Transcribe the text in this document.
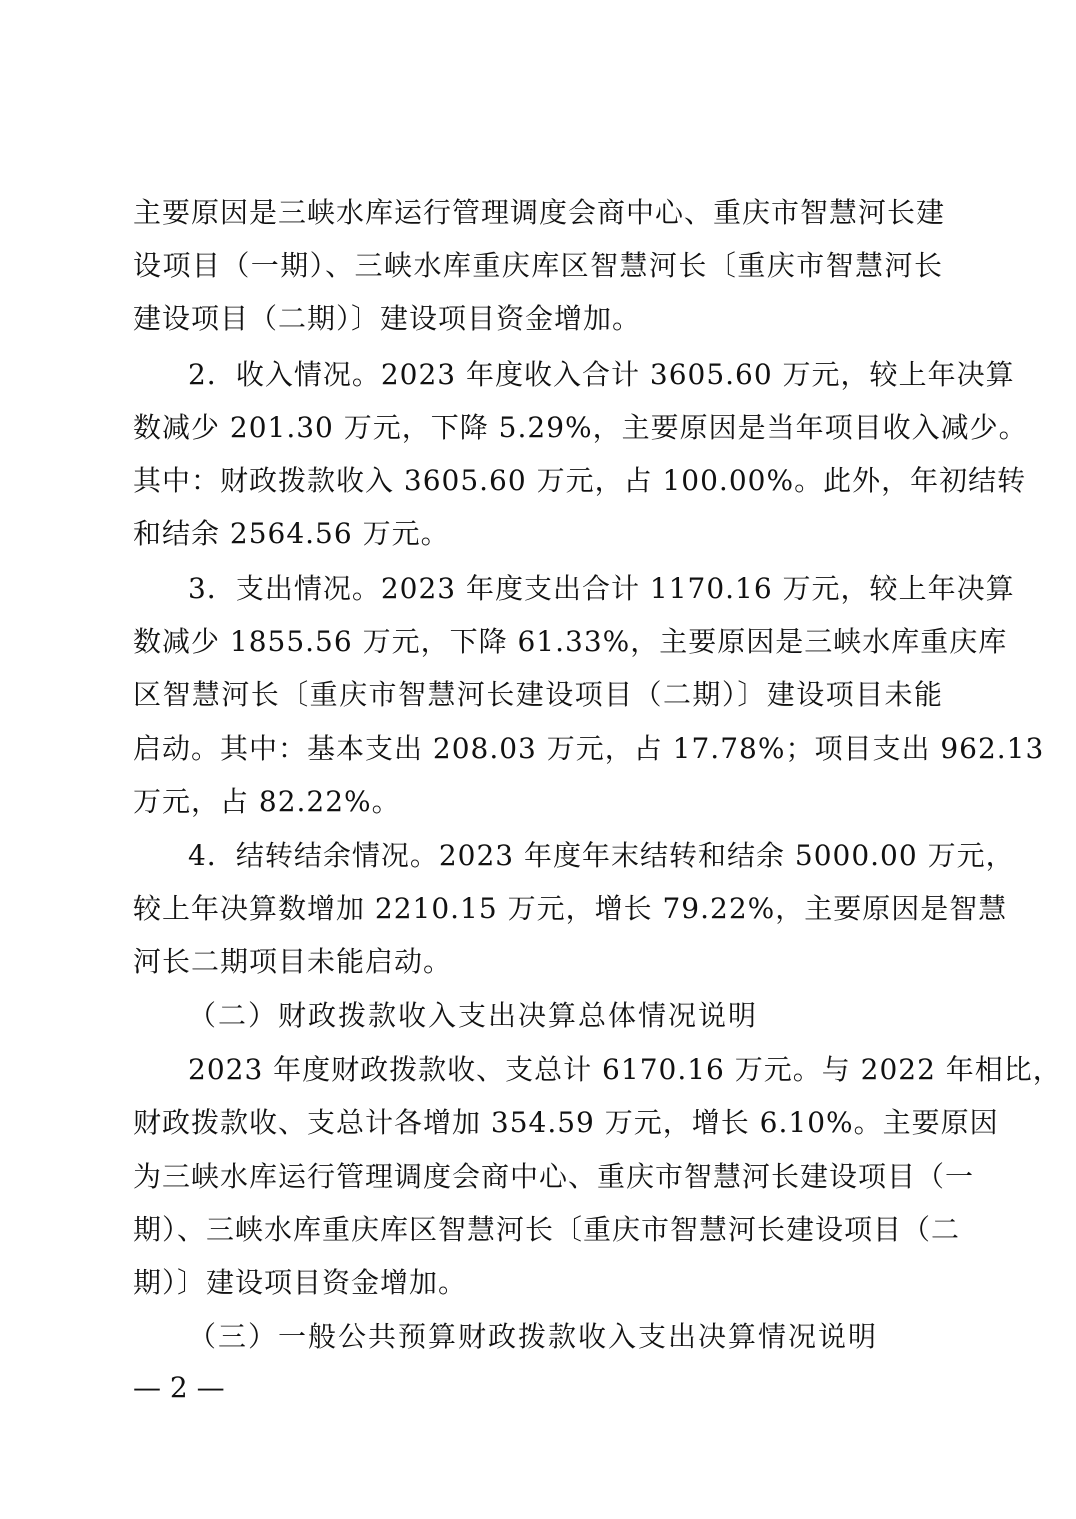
主要原因是三峡水库运行管理调度会商中心、重庆市智慧河长建
设项目（一期）、三峡水库重庆库区智慧河长〔重庆市智慧河长
建设项目（二期）〕建设项目资金增加。
2．收入情况。2023 年度收入合计 3605.60 万元，较上年决算
数减少 201.30 万元，下降 5.29%，主要原因是当年项目收入减少。
其中：财政拨款收入 3605.60 万元，占 100.00%。此外，年初结转
和结余 2564.56 万元。
3．支出情况。2023 年度支出合计 1170.16 万元，较上年决算
数减少 1855.56 万元，下降 61.33%，主要原因是三峡水库重庆库
区智慧河长〔重庆市智慧河长建设项目（二期）〕建设项目未能
启动。其中：基本支出 208.03 万元，占 17.78%；项目支出 962.13
万元，占 82.22%。
4．结转结余情况。2023 年度年末结转和结余 5000.00 万元，
较上年决算数增加 2210.15 万元，增长 79.22%，主要原因是智慧
河长二期项目未能启动。
（二）财政拨款收入支出决算总体情况说明
2023 年度财政拨款收、支总计 6170.16 万元。与 2022 年相比，
财政拨款收、支总计各增加 354.59 万元，增长 6.10%。主要原因
为三峡水库运行管理调度会商中心、重庆市智慧河长建设项目（一
期）、三峡水库重庆库区智慧河长〔重庆市智慧河长建设项目（二
期）〕建设项目资金增加。
（三）一般公共预算财政拨款收入支出决算情况说明
— 2 —
